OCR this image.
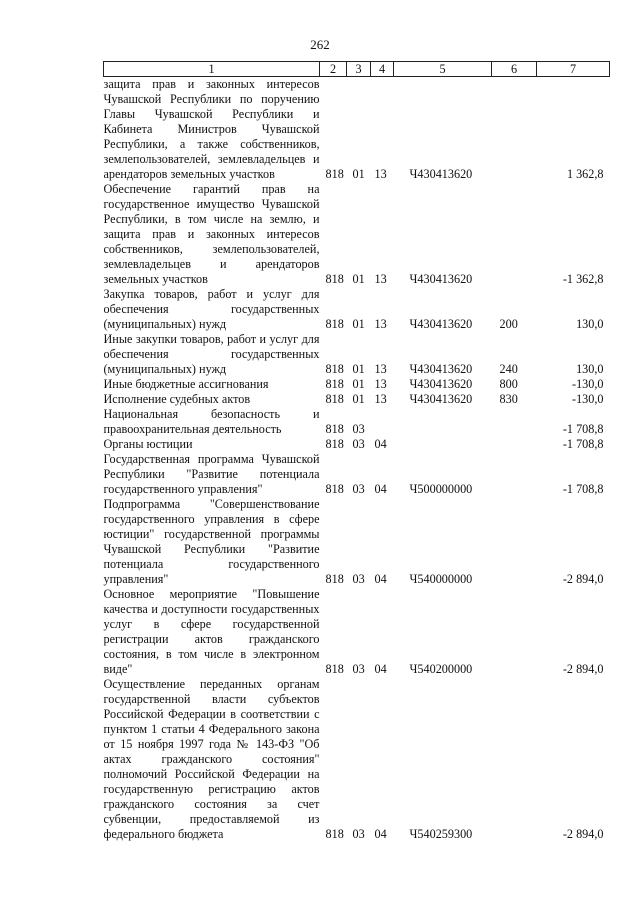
262
1	2	3	4	5	6	7
защита прав и законных интересов Чувашской Республики по поручению Главы Чувашской Республики и Кабинета Министров Чувашской Республики, а также собственников, землепользователей, землевладельцев и арендаторов земельных участков	818	01	13	Ч430413620		1 362,8
Обеспечение гарантий прав на государственное имущество Чувашской Республики, в том числе на землю, и защита прав и законных интересов собственников, землепользователей, землевладельцев и арендаторов земельных участков	818	01	13	Ч430413620		-1 362,8
Закупка товаров, работ и услуг для обеспечения государственных (муниципальных) нужд	818	01	13	Ч430413620	200	130,0
Иные закупки товаров, работ и услуг для обеспечения государственных (муниципальных) нужд	818	01	13	Ч430413620	240	130,0
Иные бюджетные ассигнования	818	01	13	Ч430413620	800	-130,0
Исполнение судебных актов	818	01	13	Ч430413620	830	-130,0
Национальная безопасность и правоохранительная деятельность	818	03				-1 708,8
Органы юстиции	818	03	04			-1 708,8
Государственная программа Чувашской Республики "Развитие потенциала государственного управления"	818	03	04	Ч500000000		-1 708,8
Подпрограмма "Совершенствование государственного управления в сфере юстиции" государственной программы Чувашской Республики "Развитие потенциала государственного управления"	818	03	04	Ч540000000		-2 894,0
Основное мероприятие "Повышение качества и доступности государственных услуг в сфере государственной регистрации актов гражданского состояния, в том числе в электронном виде"	818	03	04	Ч540200000		-2 894,0
Осуществление переданных органам государственной власти субъектов Российской Федерации в соответствии с пунктом 1 статьи 4 Федерального закона от 15 ноября 1997 года № 143-ФЗ "Об актах гражданского состояния" полномочий Российской Федерации на государственную регистрацию актов гражданского состояния за счет субвенции, предоставляемой из федерального бюджета	818	03	04	Ч540259300		-2 894,0
